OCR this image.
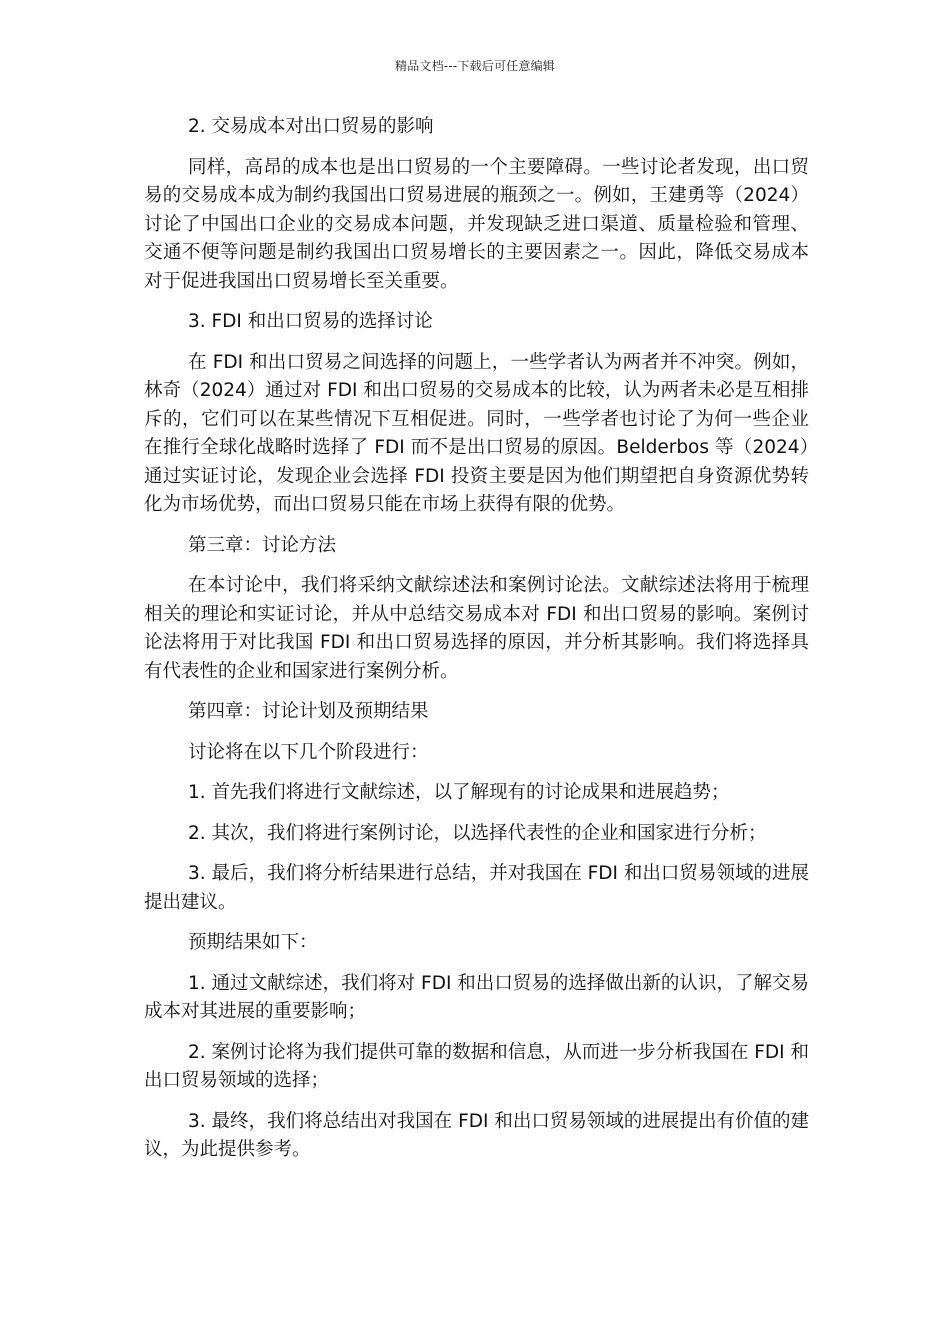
精品文档---下载后可任意编辑

2. 交易成本对出口贸易的影响

同样，高昂的成本也是出口贸易的一个主要障碍。一些讨论者发现，出口贸易的交易成本成为制约我国出口贸易进展的瓶颈之一。例如，王建勇等（2024）讨论了中国出口企业的交易成本问题，并发现缺乏进口渠道、质量检验和管理、交通不便等问题是制约我国出口贸易增长的主要因素之一。因此，降低交易成本对于促进我国出口贸易增长至关重要。

3. FDI 和出口贸易的选择讨论

在 FDI 和出口贸易之间选择的问题上，一些学者认为两者并不冲突。例如，林奇（2024）通过对 FDI 和出口贸易的交易成本的比较，认为两者未必是互相排斥的，它们可以在某些情况下互相促进。同时，一些学者也讨论了为何一些企业在推行全球化战略时选择了 FDI 而不是出口贸易的原因。Belderbos 等（2024）通过实证讨论，发现企业会选择 FDI 投资主要是因为他们期望把自身资源优势转化为市场优势，而出口贸易只能在市场上获得有限的优势。

第三章：讨论方法

在本讨论中，我们将采纳文献综述法和案例讨论法。文献综述法将用于梳理相关的理论和实证讨论，并从中总结交易成本对 FDI 和出口贸易的影响。案例讨论法将用于对比我国 FDI 和出口贸易选择的原因，并分析其影响。我们将选择具有代表性的企业和国家进行案例分析。

第四章：讨论计划及预期结果

讨论将在以下几个阶段进行：

1. 首先我们将进行文献综述，以了解现有的讨论成果和进展趋势；

2. 其次，我们将进行案例讨论，以选择代表性的企业和国家进行分析；

3. 最后，我们将分析结果进行总结，并对我国在 FDI 和出口贸易领域的进展提出建议。

预期结果如下：

1. 通过文献综述，我们将对 FDI 和出口贸易的选择做出新的认识，了解交易成本对其进展的重要影响；

2. 案例讨论将为我们提供可靠的数据和信息，从而进一步分析我国在 FDI 和出口贸易领域的选择；

3. 最终，我们将总结出对我国在 FDI 和出口贸易领域的进展提出有价值的建议，为此提供参考。
